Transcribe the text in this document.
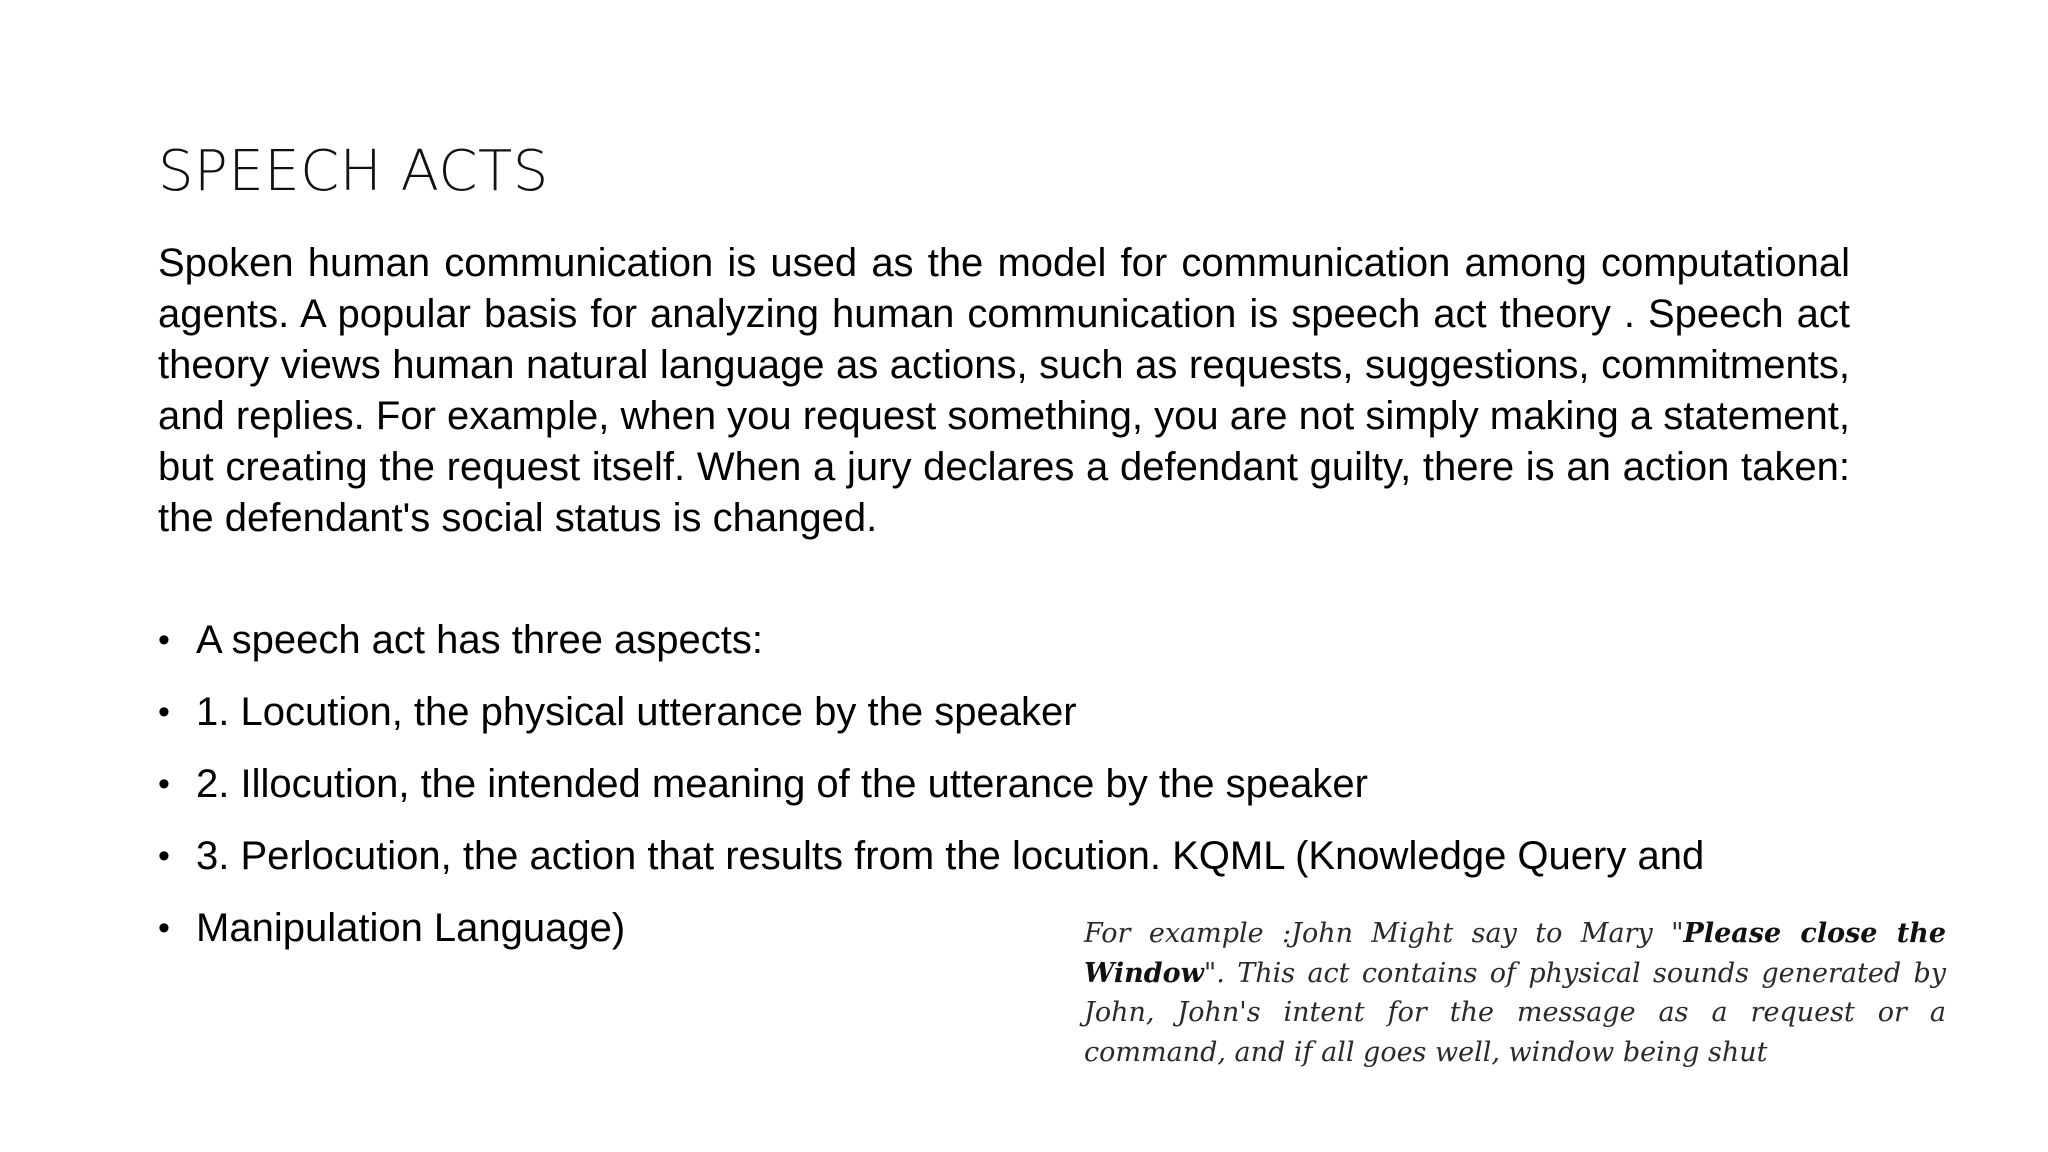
SPEECH ACTS
Spoken human communication is used as the model for communication among computational agents. A popular basis for analyzing human communication is speech act theory . Speech act theory views human natural language as actions, such as requests, suggestions, commitments, and replies. For example, when you request something, you are not simply making a statement, but creating the request itself. When a jury declares a defendant guilty, there is an action taken: the defendant's social status is changed.
• A speech act has three aspects:
• 1. Locution, the physical utterance by the speaker
• 2. Illocution, the intended meaning of the utterance by the speaker
• 3. Perlocution, the action that results from the locution. KQML (Knowledge Query and
• Manipulation Language)	For example :John Might say to Mary "Please close the Window". This act contains of physical sounds generated by John, John's intent for the message as a request or a command, and if all goes well, window being shut
